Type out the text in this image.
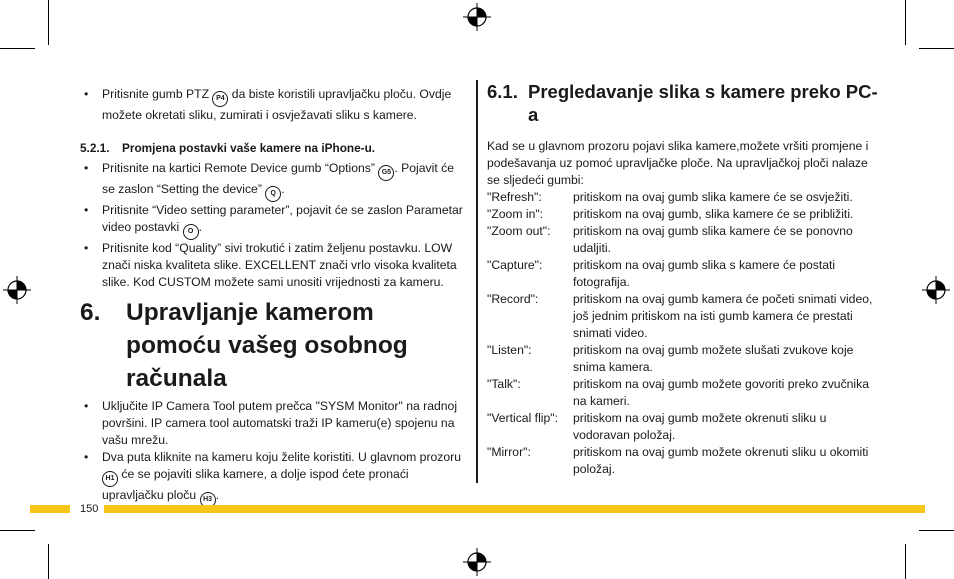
• Pritisnite gumb PTZ P4 da biste koristili upravljačku ploču. Ovdje možete okretati sliku, zumirati i osvježavati sliku s kamere.
5.2.1. Promjena postavki vaše kamere na iPhone-u.
• Pritisnite na kartici Remote Device gumb “Options” G5 . Pojavit će se zaslon “Setting the device” Q .
• Pritisnite “Video setting parameter”, pojavit će se zaslon Parametar video postavki O .
• Pritisnite kod “Quality” sivi trokutić i zatim željenu postavku. LOW znači niska kvaliteta slike. EXCELLENT znači vrlo visoka kvaliteta slike. Kod CUSTOM možete sami unositi vrijednosti za kameru.
6. Upravljanje kamerom pomoću vašeg osobnog računala
• Uključite IP Camera Tool putem prečca "SYSM Monitor" na radnoj površini. IP camera tool automatski traži IP kameru(e) spojenu na vašu mrežu.
• Dva puta kliknite na kameru koju želite koristiti. U glavnom prozoru H1 će se pojaviti slika kamere, a dolje ispod ćete pronaći upravljačku ploču H3 .
6.1. Pregledavanje slika s kamere preko PC-a
Kad se u glavnom prozoru pojavi slika kamere,možete vršiti promjene i podešavanja uz pomoć upravljačke ploče. Na upravljačkoj ploči nalaze se sljedeći gumbi:
"Refresh":	pritiskom na ovaj gumb slika kamere će se osvježiti.
"Zoom in":	pritiskom na ovaj gumb, slika kamere će se približiti.
"Zoom out":	pritiskom na ovaj gumb slika kamere će se ponovno udaljiti.
"Capture":	pritiskom na ovaj gumb slika s kamere će postati fotografija.
"Record":	pritiskom na ovaj gumb kamera će početi snimati video, još jednim pritiskom na isti gumb kamera će prestati snimati video.
"Listen":	pritiskom na ovaj gumb možete slušati zvukove koje snima kamera.
"Talk":	pritiskom na ovaj gumb možete govoriti preko zvučnika na kameri.
"Vertical flip":	pritiskom na ovaj gumb možete okrenuti sliku u vodoravan položaj.
"Mirror":	pritiskom na ovaj gumb možete okrenuti sliku u okomiti položaj.
150
